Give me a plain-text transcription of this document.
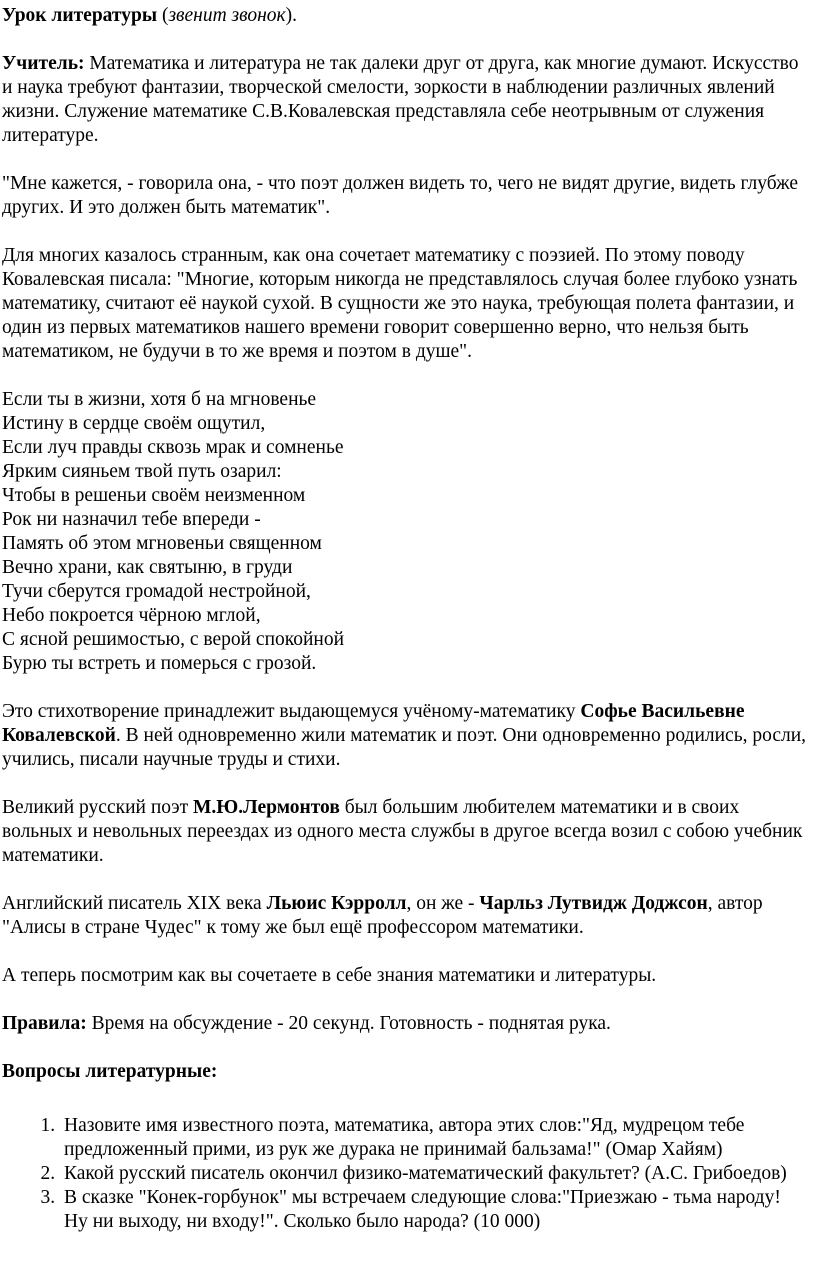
Урок литературы (звенит звонок).

Учитель: Математика и литература не так далеки друг от друга, как многие думают. Искусство и наука требуют фантазии, творческой смелости, зоркости в наблюдении различных явлений жизни. Служение математике С.В.Ковалевская представляла себе неотрывным от служения литературе.

"Мне кажется, - говорила она, - что поэт должен видеть то, чего не видят другие, видеть глубже других. И это должен быть математик".

Для многих казалось странным, как она сочетает математику с поэзией. По этому поводу Ковалевская писала: "Многие, которым никогда не представлялось случая более глубоко узнать математику, считают её наукой сухой. В сущности же это наука, требующая полета фантазии, и один из первых математиков нашего времени говорит совершенно верно, что нельзя быть математиком, не будучи в то же время и поэтом в душе".

Если ты в жизни, хотя б на мгновенье
Истину в сердце своём ощутил,
Если луч правды сквозь мрак и сомненье
Ярким сияньем твой путь озарил:
Чтобы в решеньи своём неизменном
Рок ни назначил тебе впереди -
Память об этом мгновеньи священном
Вечно храни, как святыню, в груди
Тучи сберутся громадой нестройной,
Небо покроется чёрною мглой,
С ясной решимостью, с верой спокойной
Бурю ты встреть и померься с грозой.

Это стихотворение принадлежит выдающемуся учёному-математику Софье Васильевне Ковалевской. В ней одновременно жили математик и поэт. Они одновременно родились, росли, учились, писали научные труды и стихи.

Великий русский поэт М.Ю.Лермонтов был большим любителем математики и в своих вольных и невольных переездах из одного места службы в другое всегда возил с собою учебник математики.

Английский писатель XIX века Льюис Кэрролл, он же - Чарльз Лутвидж Доджсон, автор "Алисы в стране Чудес" к тому же был ещё профессором математики.

А теперь посмотрим как вы сочетаете в себе знания математики и литературы.

Правила: Время на обсуждение - 20 секунд. Готовность - поднятая рука.

Вопросы литературные:

1. Назовите имя известного поэта, математика, автора этих слов:"Яд, мудрецом тебе предложенный прими, из рук же дурака не принимай бальзама!" (Омар Хайям)
2. Какой русский писатель окончил физико-математический факультет? (А.С. Грибоедов)
3. В сказке "Конек-горбунок" мы встречаем следующие слова:"Приезжаю - тьма народу! Ну ни выходу, ни входу!". Сколько было народа? (10 000)
